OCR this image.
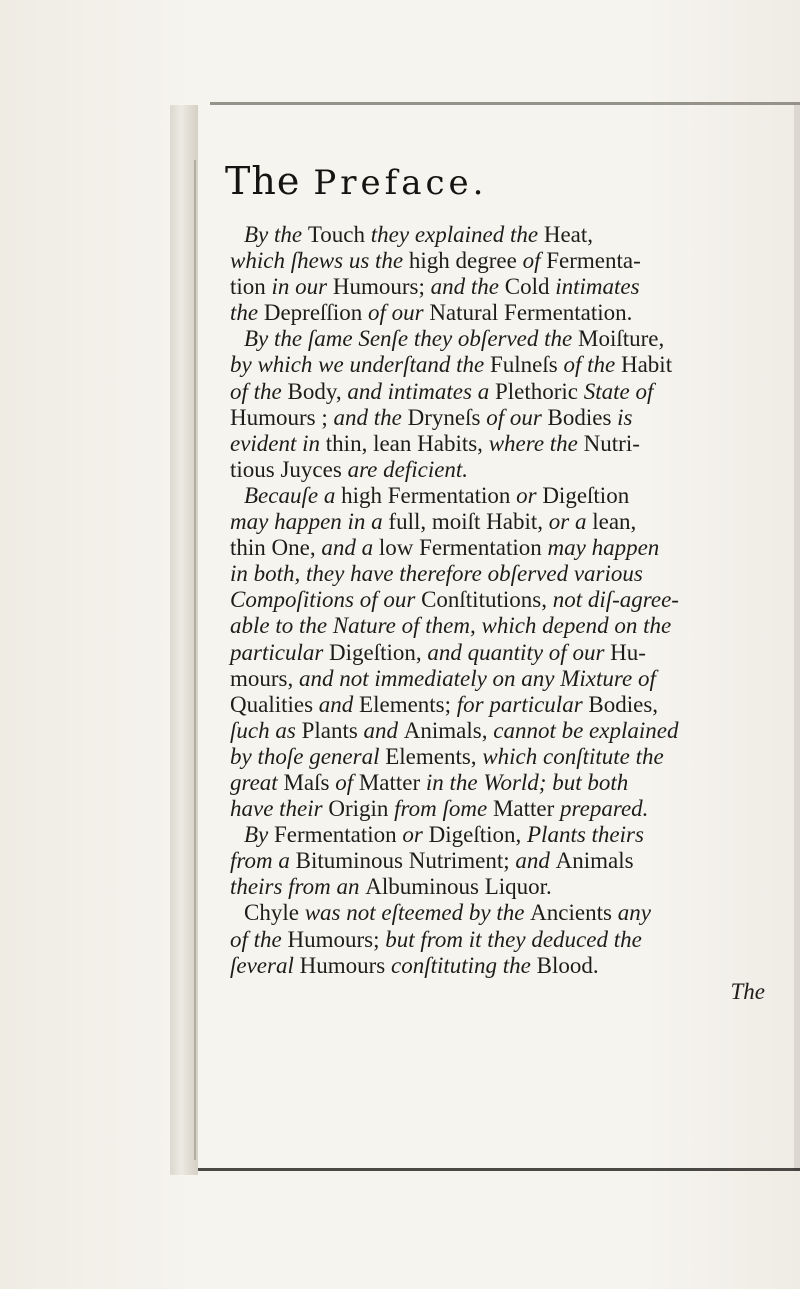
The Preface.
By the Touch they explained the Heat,
which ſhews us the high degree of Fermenta-
tion in our Humours; and the Cold intimates
the Depreſſion of our Natural Fermentation.
By the ſame Senſe they obſerved the Moiſture,
by which we underſtand the Fulneſs of the Habit
of the Body, and intimates a Plethoric State of
Humours ; and the Dryneſs of our Bodies is
evident in thin, lean Habits, where the Nutri-
tious Juyces are deficient.
Becauſe a high Fermentation or Digeſtion
may happen in a full, moiſt Habit, or a lean,
thin One, and a low Fermentation may happen
in both, they have therefore obſerved various
Compoſitions of our Conſtitutions, not diſ-agree-
able to the Nature of them, which depend on the
particular Digeſtion, and quantity of our Hu-
mours, and not immediately on any Mixture of
Qualities and Elements; for particular Bodies,
ſuch as Plants and Animals, cannot be explained
by thoſe general Elements, which conſtitute the
great Maſs of Matter in the World; but both
have their Origin from ſome Matter prepared.
By Fermentation or Digeſtion, Plants theirs
from a Bituminous Nutriment; and Animals
theirs from an Albuminous Liquor.
Chyle was not eſteemed by the Ancients any
of the Humours; but from it they deduced the
ſeveral Humours conſtituting the Blood.
The
